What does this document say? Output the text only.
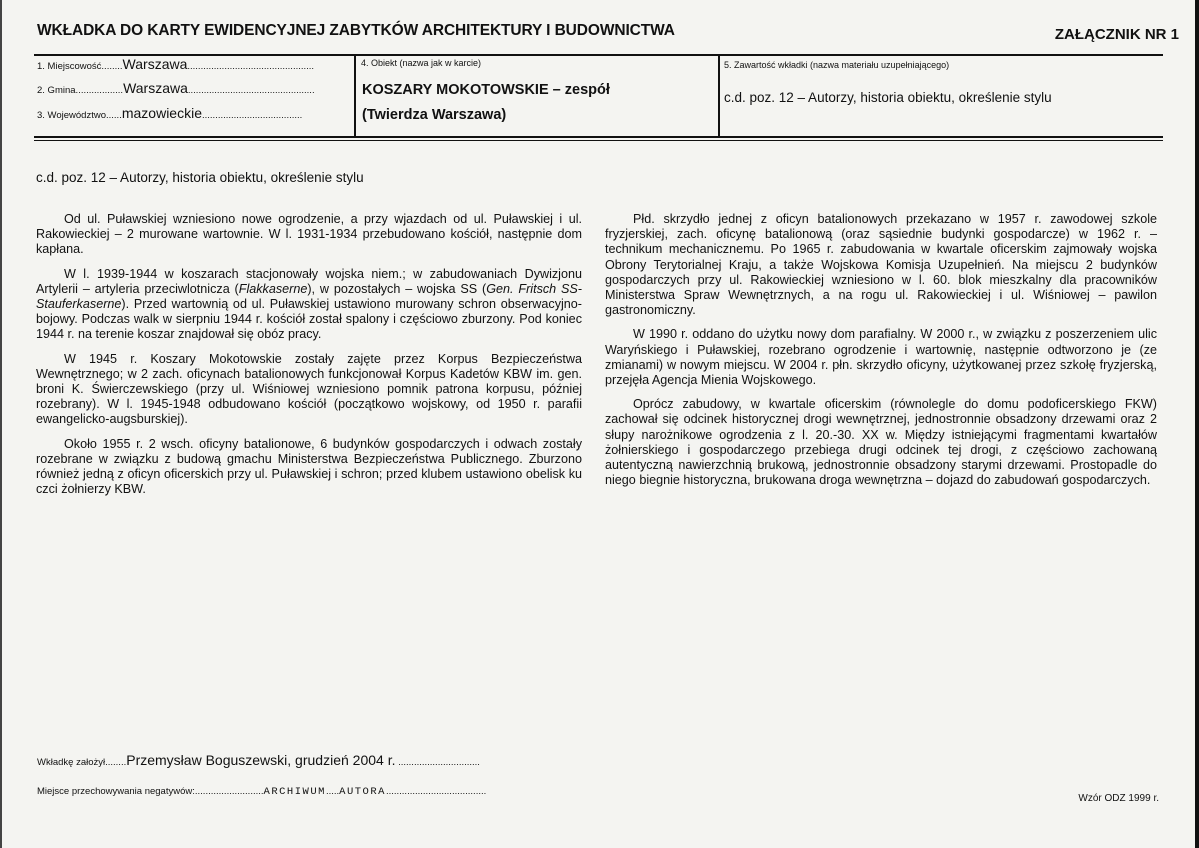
WKŁADKA DO KARTY EWIDENCYJNEJ ZABYTKÓW ARCHITEKTURY I BUDOWNICTWA	ZAŁĄCZNIK NR 1
1. Miejscowość........Warszawa................................................
2. Gmina..................Warszawa................................................
3. Województwo......mazowieckie......................................
4. Obiekt (nazwa jak w karcie)
KOSZARY MOKOTOWSKIE – zespół
(Twierdza Warszawa)
5. Zawartość wkładki (nazwa materiału uzupełniającego)
c.d. poz. 12 – Autorzy, historia obiektu, określenie stylu
c.d. poz. 12 – Autorzy, historia obiektu, określenie stylu

Od ul. Puławskiej wzniesiono nowe ogrodzenie, a przy wjazdach od ul. Puławskiej i ul. Rakowieckiej – 2 murowane wartownie. W l. 1931-1934 przebudowano kościół, następnie dom kapłana.

W l. 1939-1944 w koszarach stacjonowały wojska niem.; w zabudowaniach Dywizjonu Artylerii – artyleria przeciwlotnicza (Flakkaserne), w pozostałych – wojska SS (Gen. Fritsch SS-Stauferkaserne). Przed wartownią od ul. Puławskiej ustawiono murowany schron obserwacyjno-bojowy. Podczas walk w sierpniu 1944 r. kościół został spalony i częściowo zburzony. Pod koniec 1944 r. na terenie koszar znajdował się obóz pracy.

W 1945 r. Koszary Mokotowskie zostały zajęte przez Korpus Bezpieczeństwa Wewnętrznego; w 2 zach. oficynach batalionowych funkcjonował Korpus Kadetów KBW im. gen. broni K. Świerczewskiego (przy ul. Wiśniowej wzniesiono pomnik patrona korpusu, później rozebrany). W l. 1945-1948 odbudowano kościół (początkowo wojskowy, od 1950 r. parafii ewangelicko-augsburskiej).

Około 1955 r. 2 wsch. oficyny batalionowe, 6 budynków gospodarczych i odwach zostały rozebrane w związku z budową gmachu Ministerstwa Bezpieczeństwa Publicznego. Zburzono również jedną z oficyn oficerskich przy ul. Puławskiej i schron; przed klubem ustawiono obelisk ku czci żołnierzy KBW.

Płd. skrzydło jednej z oficyn batalionowych przekazano w 1957 r. zawodowej szkole fryzjerskiej, zach. oficynę batalionową (oraz sąsiednie budynki gospodarcze) w 1962 r. – technikum mechanicznemu. Po 1965 r. zabudowania w kwartale oficerskim zajmowały wojska Obrony Terytorialnej Kraju, a także Wojskowa Komisja Uzupełnień. Na miejscu 2 budynków gospodarczych przy ul. Rakowieckiej wzniesiono w l. 60. blok mieszkalny dla pracowników Ministerstwa Spraw Wewnętrznych, a na rogu ul. Rakowieckiej i ul. Wiśniowej – pawilon gastronomiczny.

W 1990 r. oddano do użytku nowy dom parafialny. W 2000 r., w związku z poszerzeniem ulic Waryńskiego i Puławskiej, rozebrano ogrodzenie i wartownię, następnie odtworzono je (ze zmianami) w nowym miejscu. W 2004 r. płn. skrzydło oficyny, użytkowanej przez szkołę fryzjerską, przejęła Agencja Mienia Wojskowego.

Oprócz zabudowy, w kwartale oficerskim (równolegle do domu podoficerskiego FKW) zachował się odcinek historycznej drogi wewnętrznej, jednostronnie obsadzony drzewami oraz 2 słupy narożnikowe ogrodzenia z l. 20.-30. XX w. Między istniejącymi fragmentami kwartałów żołnierskiego i gospodarczego przebiega drugi odcinek tej drogi, z częściowo zachowaną autentyczną nawierzchnią brukową, jednostronnie obsadzony starymi drzewami. Prostopadle do niego biegnie historyczna, brukowana droga wewnętrzna – dojazd do zabudowań gospodarczych.

Wkładkę założył........Przemysław Boguszewski, grudzień 2004 r. ...............................
Miejsce przechowywania negatywów:..........................ARCHIWUM.....AUTORA......................................
Wzór ODZ 1999 r.
